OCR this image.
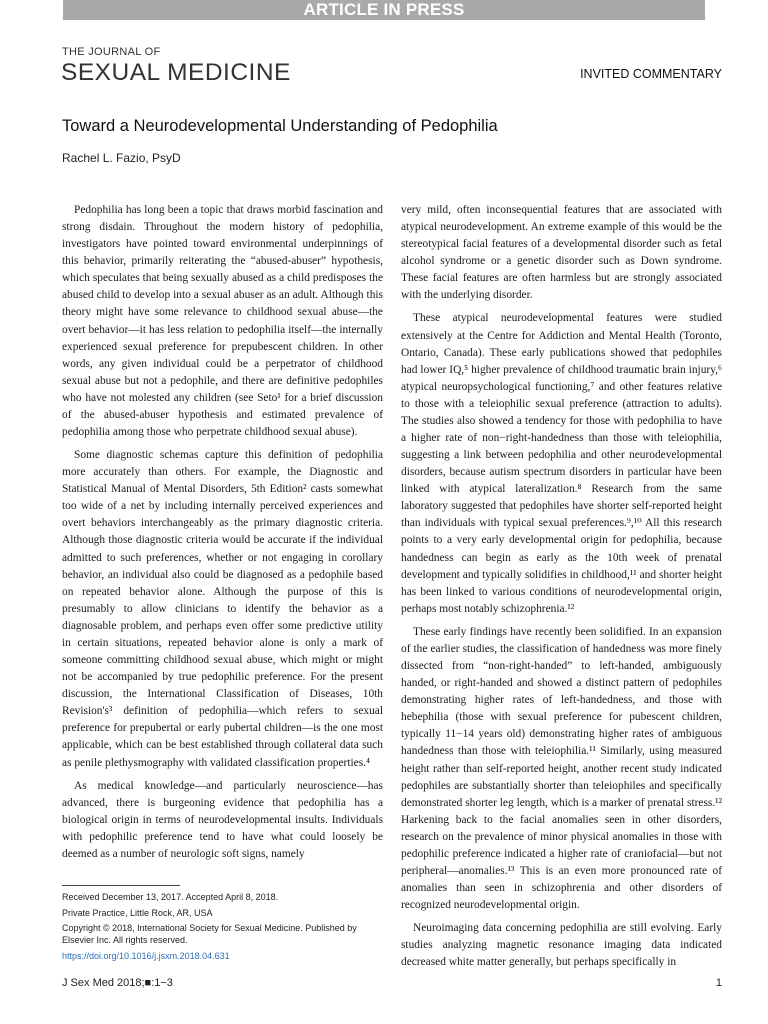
ARTICLE IN PRESS
THE JOURNAL OF
SEXUAL MEDICINE	INVITED COMMENTARY
Toward a Neurodevelopmental Understanding of Pedophilia
Rachel L. Fazio, PsyD

Pedophilia has long been a topic that draws morbid fascination and strong disdain. Throughout the modern history of pedophilia, investigators have pointed toward environmental underpinnings of this behavior, primarily reiterating the “abused-abuser” hypothesis, which speculates that being sexually abused as a child predisposes the abused child to develop into a sexual abuser as an adult. Although this theory might have some relevance to childhood sexual abuse—the overt behavior—it has less relation to pedophilia itself—the internally experienced sexual preference for prepubescent children. In other words, any given individual could be a perpetrator of childhood sexual abuse but not a pedophile, and there are definitive pedophiles who have not molested any children (see Seto¹ for a brief discussion of the abused-abuser hypothesis and estimated prevalence of pedophilia among those who perpetrate childhood sexual abuse).

Some diagnostic schemas capture this definition of pedophilia more accurately than others. For example, the Diagnostic and Statistical Manual of Mental Disorders, 5th Edition² casts somewhat too wide of a net by including internally perceived experiences and overt behaviors interchangeably as the primary diagnostic criteria. Although those diagnostic criteria would be accurate if the individual admitted to such preferences, whether or not engaging in corollary behavior, an individual also could be diagnosed as a pedophile based on repeated behavior alone. Although the purpose of this is presumably to allow clinicians to identify the behavior as a diagnosable problem, and perhaps even offer some predictive utility in certain situations, repeated behavior alone is only a mark of someone committing childhood sexual abuse, which might or might not be accompanied by true pedophilic preference. For the present discussion, the International Classification of Diseases, 10th Revision's³ definition of pedophilia—which refers to sexual preference for prepubertal or early pubertal children—is the one most applicable, which can be best established through collateral data such as penile plethysmography with validated classification properties.⁴

As medical knowledge—and particularly neuroscience—has advanced, there is burgeoning evidence that pedophilia has a biological origin in terms of neurodevelopmental insults. Individuals with pedophilic preference tend to have what could loosely be deemed as a number of neurologic soft signs, namely

very mild, often inconsequential features that are associated with atypical neurodevelopment. An extreme example of this would be the stereotypical facial features of a developmental disorder such as fetal alcohol syndrome or a genetic disorder such as Down syndrome. These facial features are often harmless but are strongly associated with the underlying disorder.

These atypical neurodevelopmental features were studied extensively at the Centre for Addiction and Mental Health (Toronto, Ontario, Canada). These early publications showed that pedophiles had lower IQ,⁵ higher prevalence of childhood traumatic brain injury,⁶ atypical neuropsychological functioning,⁷ and other features relative to those with a teleiophilic sexual preference (attraction to adults). The studies also showed a tendency for those with pedophilia to have a higher rate of non−right-handedness than those with teleiophilia, suggesting a link between pedophilia and other neurodevelopmental disorders, because autism spectrum disorders in particular have been linked with atypical lateralization.⁸ Research from the same laboratory suggested that pedophiles have shorter self-reported height than individuals with typical sexual preferences.⁹,¹⁰ All this research points to a very early developmental origin for pedophilia, because handedness can begin as early as the 10th week of prenatal development and typically solidifies in childhood,¹¹ and shorter height has been linked to various conditions of neurodevelopmental origin, perhaps most notably schizophrenia.¹²

These early findings have recently been solidified. In an expansion of the earlier studies, the classification of handedness was more finely dissected from “non-right-handed” to left-handed, ambiguously handed, or right-handed and showed a distinct pattern of pedophiles demonstrating higher rates of left-handedness, and those with hebephilia (those with sexual preference for pubescent children, typically 11−14 years old) demonstrating higher rates of ambiguous handedness than those with teleiophilia.¹¹ Similarly, using measured height rather than self-reported height, another recent study indicated pedophiles are substantially shorter than teleiophiles and specifically demonstrated shorter leg length, which is a marker of prenatal stress.¹² Harkening back to the facial anomalies seen in other disorders, research on the prevalence of minor physical anomalies in those with pedophilic preference indicated a higher rate of craniofacial—but not peripheral—anomalies.¹³ This is an even more pronounced rate of anomalies than seen in schizophrenia and other disorders of recognized neurodevelopmental origin.

Neuroimaging data concerning pedophilia are still evolving. Early studies analyzing magnetic resonance imaging data indicated decreased white matter generally, but perhaps specifically in

Received December 13, 2017. Accepted April 8, 2018.
Private Practice, Little Rock, AR, USA
Copyright © 2018, International Society for Sexual Medicine. Published by Elsevier Inc. All rights reserved.
https://doi.org/10.1016/j.jsxm.2018.04.631
J Sex Med 2018;■:1−3	1
